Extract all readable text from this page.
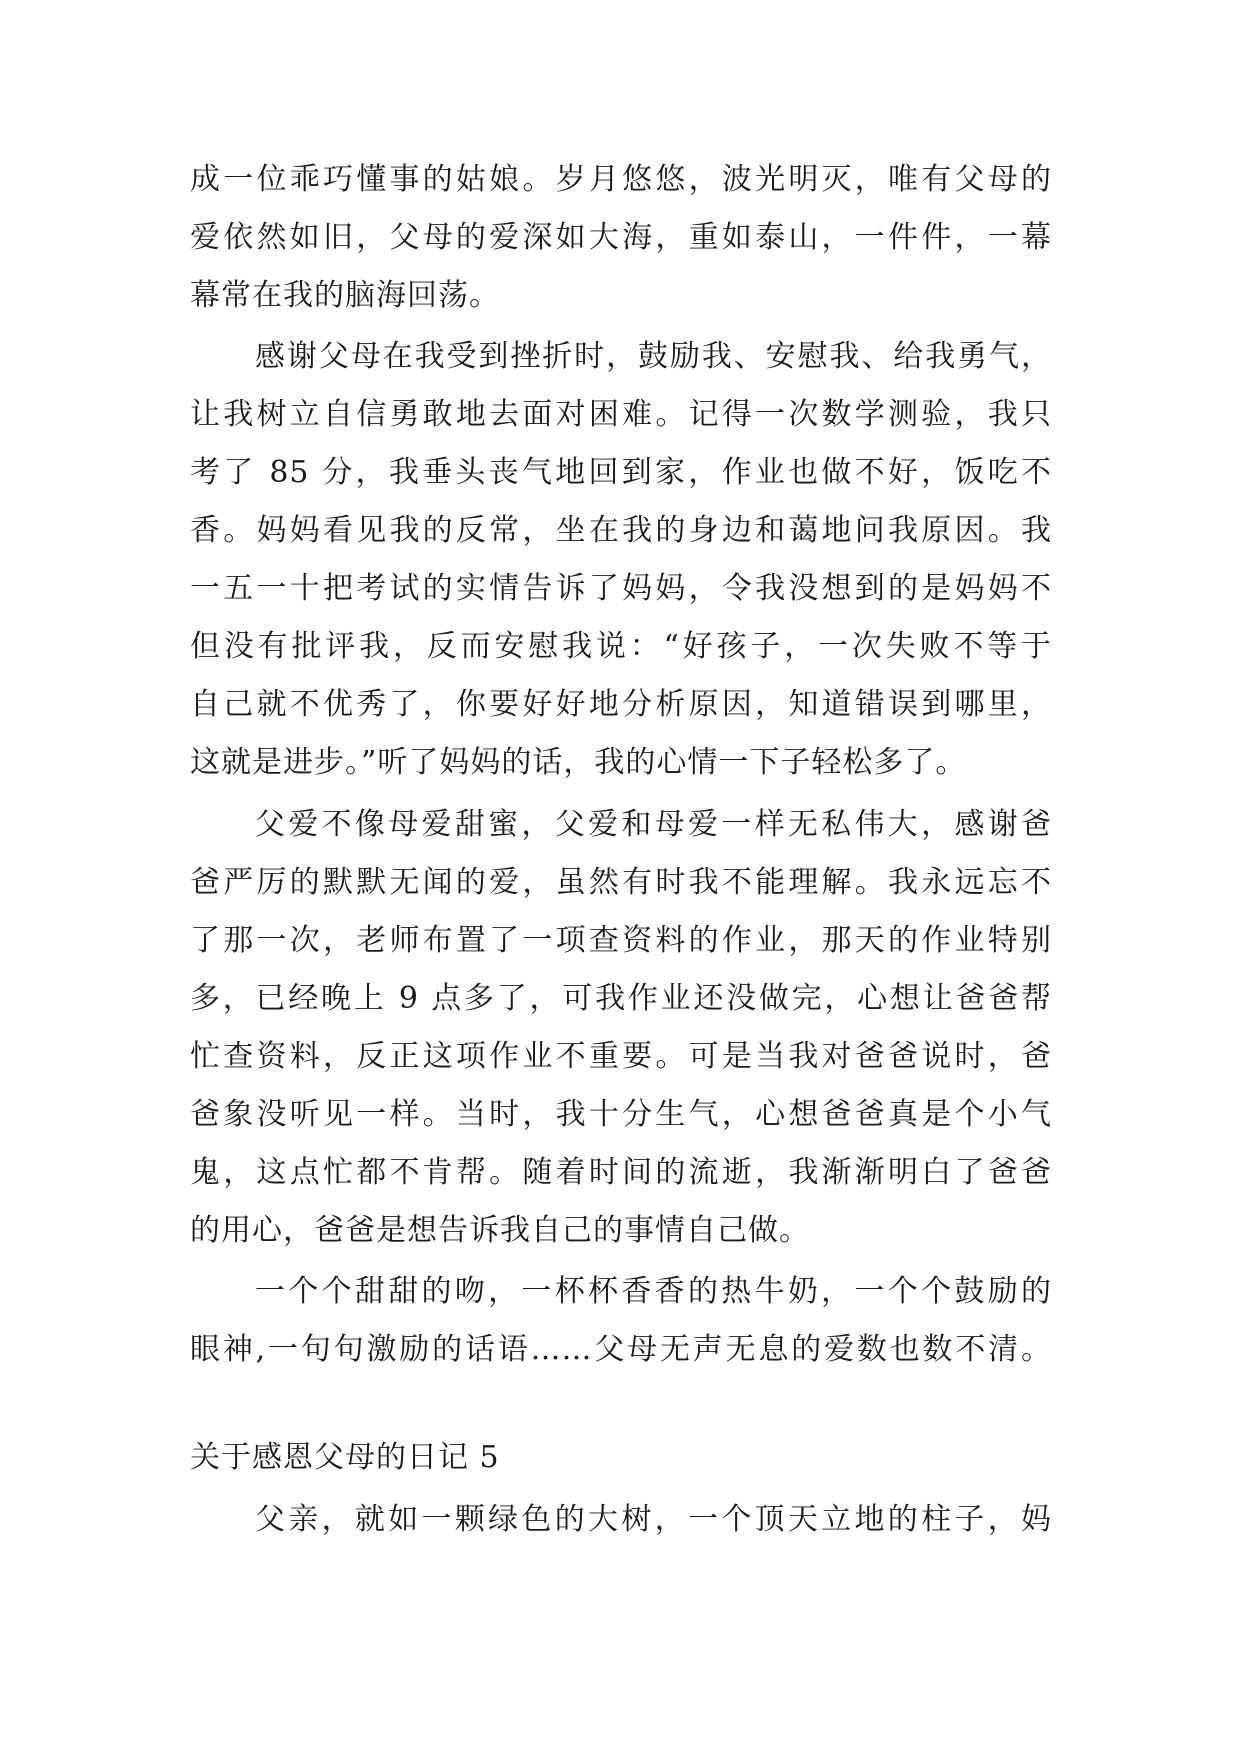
成一位乖巧懂事的姑娘。岁月悠悠，波光明灭，唯有父母的
爱依然如旧，父母的爱深如大海，重如泰山，一件件，一幕
幕常在我的脑海回荡。
感谢父母在我受到挫折时，鼓励我、安慰我、给我勇气，
让我树立自信勇敢地去面对困难。记得一次数学测验，我只
考了 85 分，我垂头丧气地回到家，作业也做不好，饭吃不
香。妈妈看见我的反常，坐在我的身边和蔼地问我原因。我
一五一十把考试的实情告诉了妈妈，令我没想到的是妈妈不
但没有批评我，反而安慰我说：“好孩子，一次失败不等于
自己就不优秀了，你要好好地分析原因，知道错误到哪里，
这就是进步。”听了妈妈的话，我的心情一下子轻松多了。
父爱不像母爱甜蜜，父爱和母爱一样无私伟大，感谢爸
爸严厉的默默无闻的爱，虽然有时我不能理解。我永远忘不
了那一次，老师布置了一项查资料的作业，那天的作业特别
多，已经晚上 9 点多了，可我作业还没做完，心想让爸爸帮
忙查资料，反正这项作业不重要。可是当我对爸爸说时，爸
爸象没听见一样。当时，我十分生气，心想爸爸真是个小气
鬼，这点忙都不肯帮。随着时间的流逝，我渐渐明白了爸爸
的用心，爸爸是想告诉我自己的事情自己做。
一个个甜甜的吻，一杯杯香香的热牛奶，一个个鼓励的
眼神,一句句激励的话语……父母无声无息的爱数也数不清。
关于感恩父母的日记 5
父亲，就如一颗绿色的大树，一个顶天立地的柱子，妈
